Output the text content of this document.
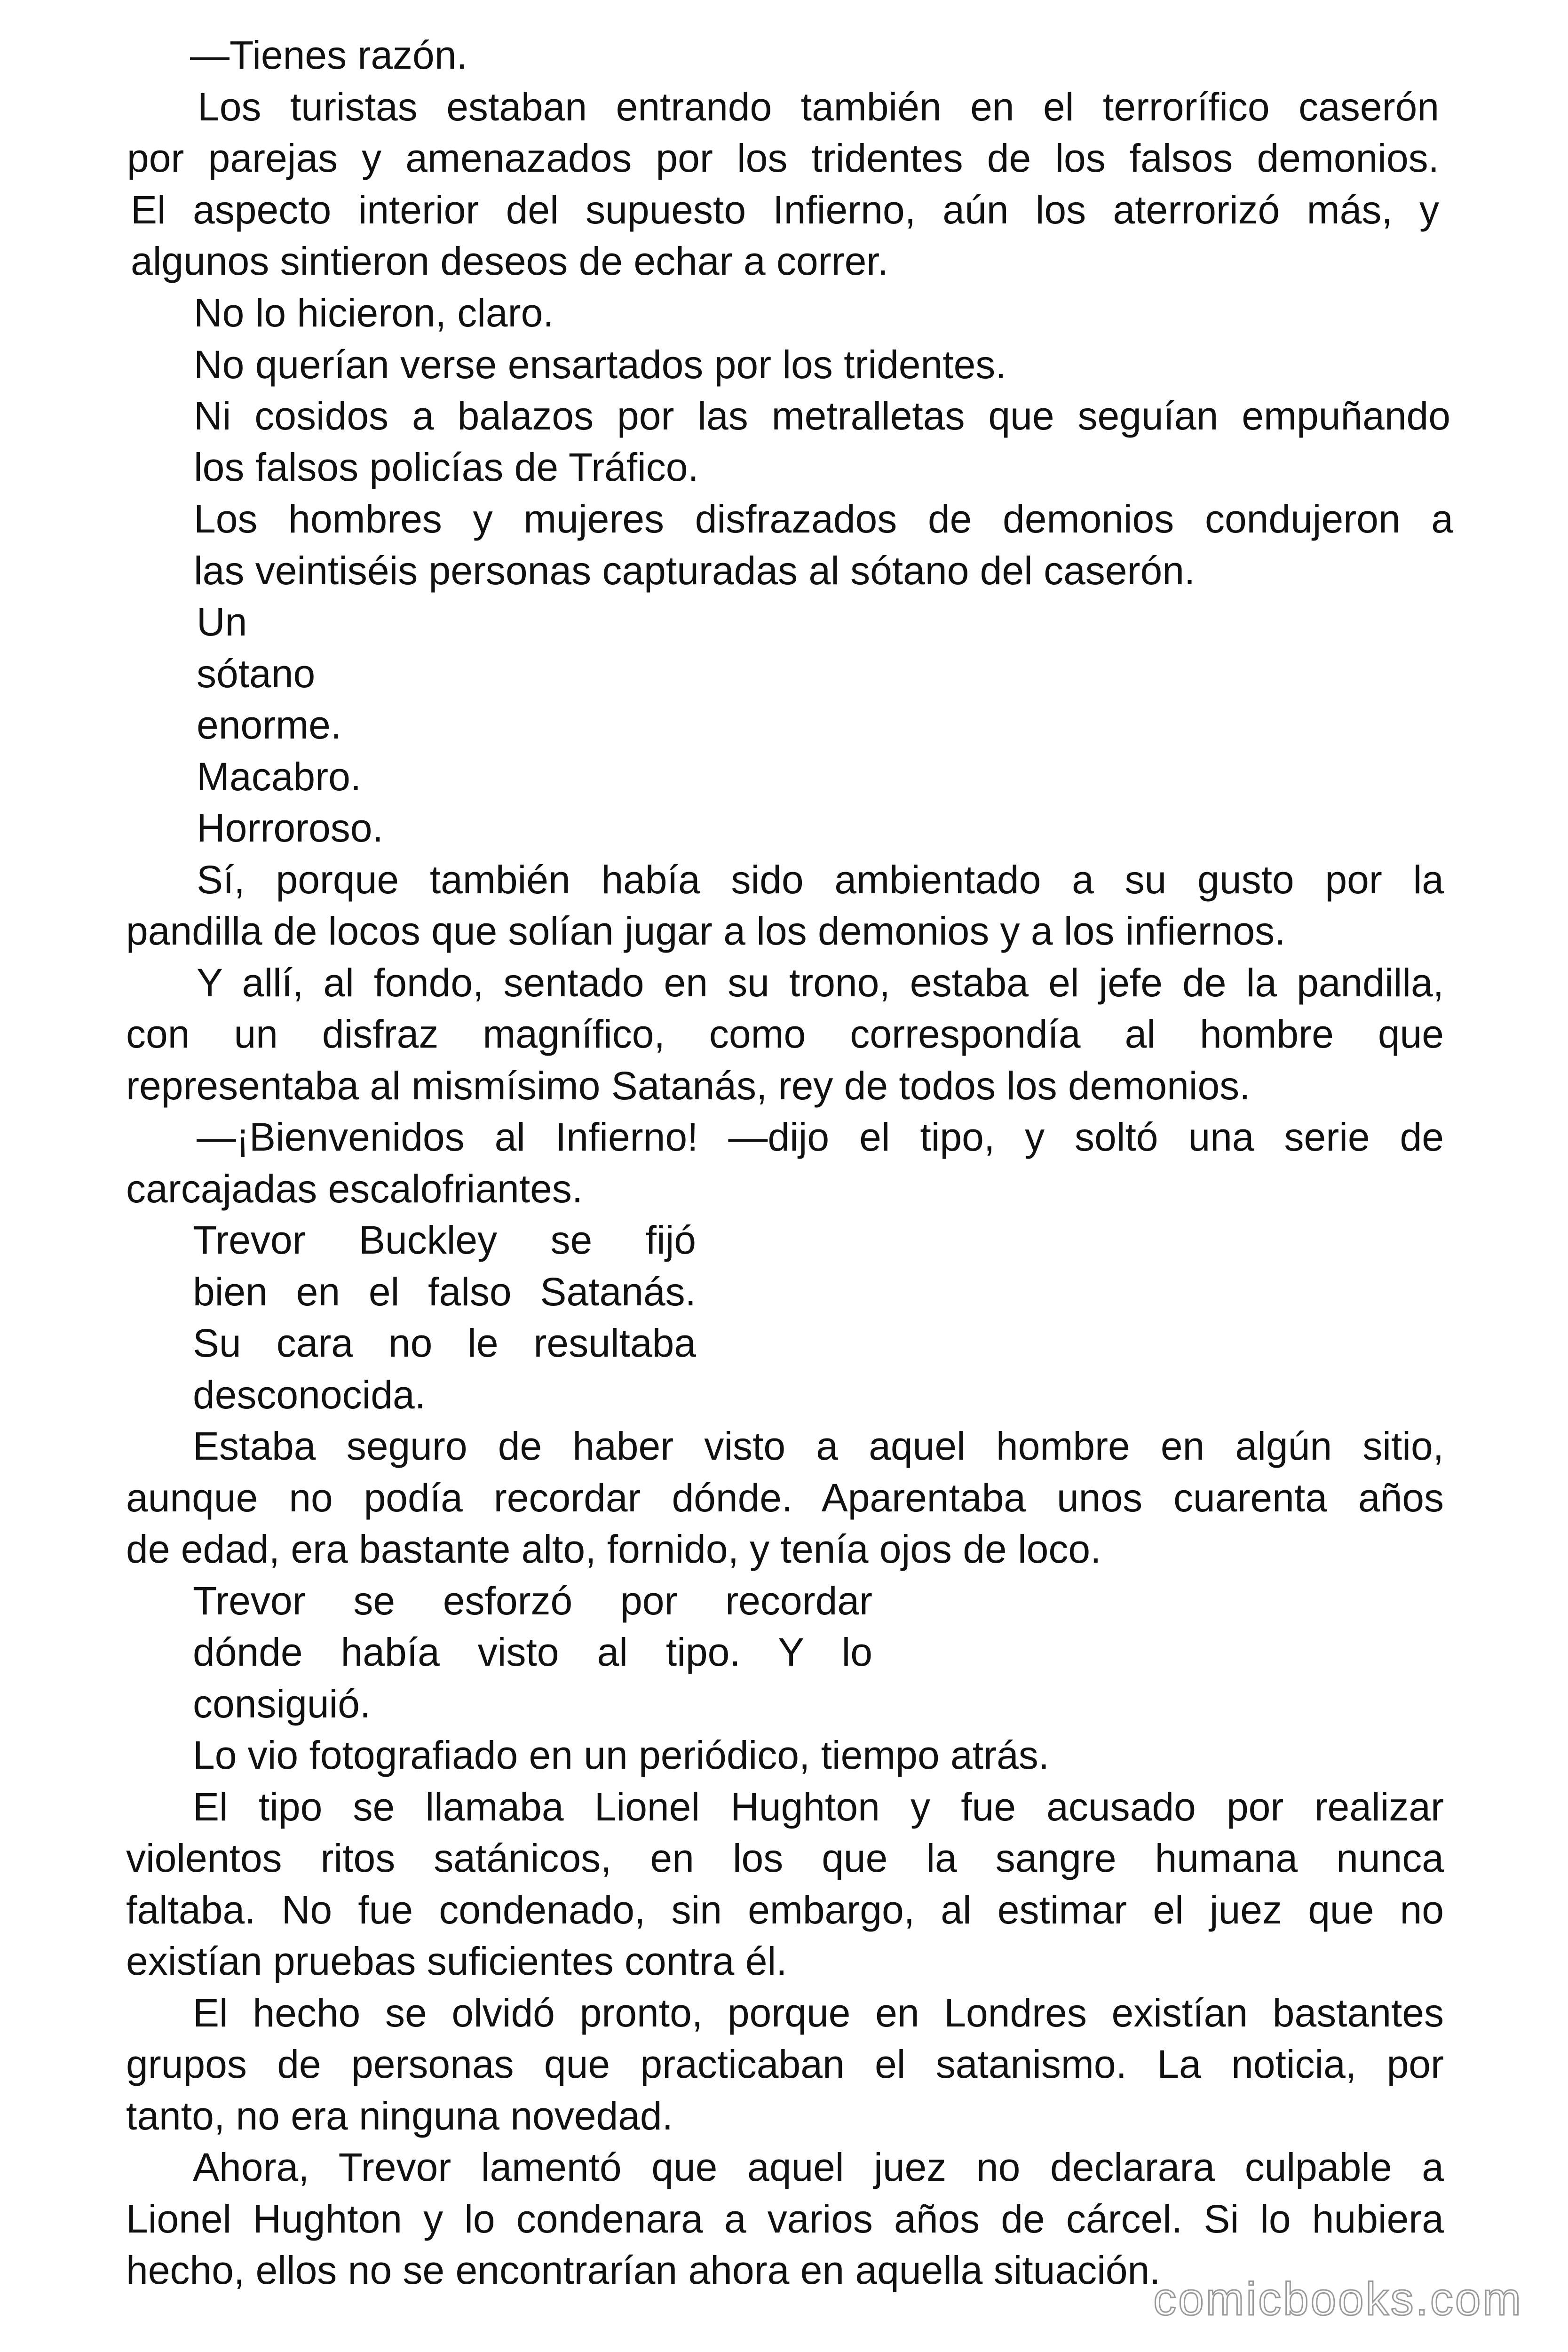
—Tienes razón.

Los turistas estaban entrando también en el terrorífico caserón

por parejas y amenazados por los tridentes de los falsos demonios.

El aspecto interior del supuesto Infierno, aún los aterrorizó más, y

algunos sintieron deseos de echar a correr.

No lo hicieron, claro.

No querían verse ensartados por los tridentes.

Ni cosidos a balazos por las metralletas que seguían empuñando

los falsos policías de Tráfico.

Los hombres y mujeres disfrazados de demonios condujeron a

las veintiséis personas capturadas al sótano del caserón.

Un

sótano

enorme.

Macabro.

Horroroso.

Sí, porque también había sido ambientado a su gusto por la

pandilla de locos que solían jugar a los demonios y a los infiernos.

Y allí, al fondo, sentado en su trono, estaba el jefe de la pandilla,

con un disfraz magnífico, como correspondía al hombre que

representaba al mismísimo Satanás, rey de todos los demonios.

—¡Bienvenidos al Infierno! —dijo el tipo, y soltó una serie de

carcajadas escalofriantes.

Trevor Buckley se fijó

bien en el falso Satanás.

Su cara no le resultaba

desconocida.

Estaba seguro de haber visto a aquel hombre en algún sitio,

aunque no podía recordar dónde. Aparentaba unos cuarenta años

de edad, era bastante alto, fornido, y tenía ojos de loco.

Trevor se esforzó por recordar

dónde había visto al tipo. Y lo

consiguió.

Lo vio fotografiado en un periódico, tiempo atrás.

El tipo se llamaba Lionel Hughton y fue acusado por realizar

violentos ritos satánicos, en los que la sangre humana nunca

faltaba. No fue condenado, sin embargo, al estimar el juez que no

existían pruebas suficientes contra él.

El hecho se olvidó pronto, porque en Londres existían bastantes

grupos de personas que practicaban el satanismo. La noticia, por

tanto, no era ninguna novedad.

Ahora, Trevor lamentó que aquel juez no declarara culpable a

Lionel Hughton y lo condenara a varios años de cárcel. Si lo hubiera

hecho, ellos no se encontrarían ahora en aquella situación.

comicbooks.com
